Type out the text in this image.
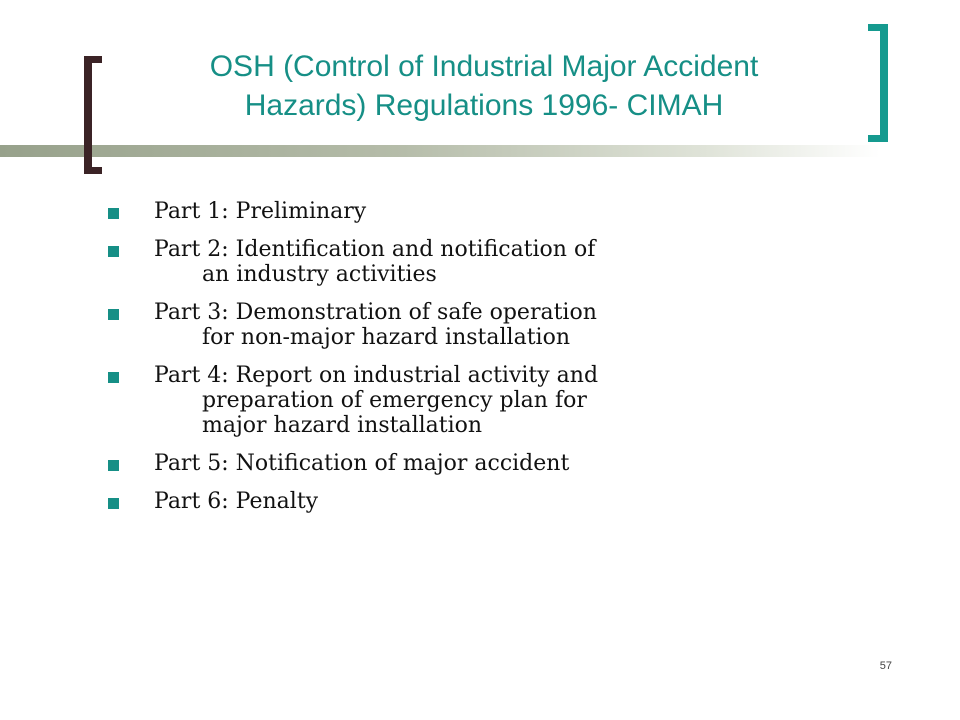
OSH (Control of Industrial Major Accident
Hazards) Regulations 1996- CIMAH
Part 1: Preliminary
Part 2: Identification and notification of
an industry activities
Part 3: Demonstration of safe operation
for non-major hazard installation
Part 4: Report on industrial activity and
preparation of emergency plan for
major hazard installation
Part 5: Notification of major accident
Part 6: Penalty
57
